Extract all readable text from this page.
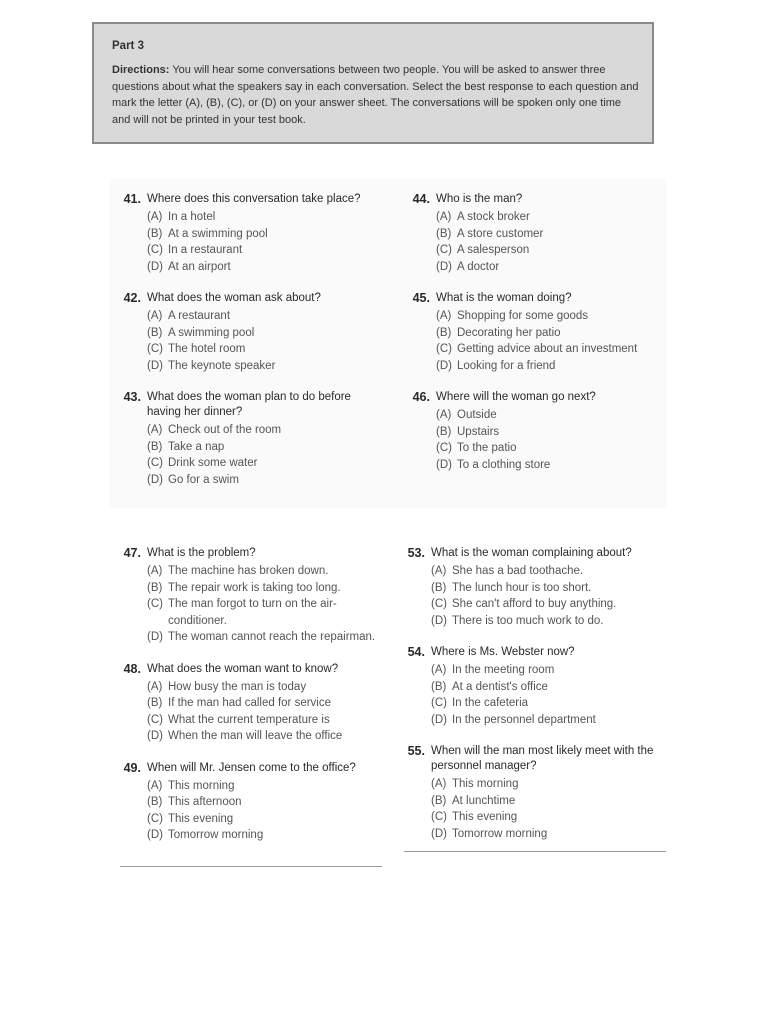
Part 3

Directions: You will hear some conversations between two people. You will be asked to answer three questions about what the speakers say in each conversation. Select the best response to each question and mark the letter (A), (B), (C), or (D) on your answer sheet. The conversations will be spoken only one time and will not be printed in your test book.

41. Where does this conversation take place?
(A) In a hotel
(B) At a swimming pool
(C) In a restaurant
(D) At an airport
42. What does the woman ask about?
(A) A restaurant
(B) A swimming pool
(C) The hotel room
(D) The keynote speaker
43. What does the woman plan to do before having her dinner?
(A) Check out of the room
(B) Take a nap
(C) Drink some water
(D) Go for a swim
44. Who is the man?
(A) A stock broker
(B) A store customer
(C) A salesperson
(D) A doctor
45. What is the woman doing?
(A) Shopping for some goods
(B) Decorating her patio
(C) Getting advice about an investment
(D) Looking for a friend
46. Where will the woman go next?
(A) Outside
(B) Upstairs
(C) To the patio
(D) To a clothing store
47. What is the problem?
(A) The machine has broken down.
(B) The repair work is taking too long.
(C) The man forgot to turn on the air-conditioner.
(D) The woman cannot reach the repairman.
48. What does the woman want to know?
(A) How busy the man is today
(B) If the man had called for service
(C) What the current temperature is
(D) When the man will leave the office
49. When will Mr. Jensen come to the office?
(A) This morning
(B) This afternoon
(C) This evening
(D) Tomorrow morning
53. What is the woman complaining about?
(A) She has a bad toothache.
(B) The lunch hour is too short.
(C) She can't afford to buy anything.
(D) There is too much work to do.
54. Where is Ms. Webster now?
(A) In the meeting room
(B) At a dentist's office
(C) In the cafeteria
(D) In the personnel department
55. When will the man most likely meet with the personnel manager?
(A) This morning
(B) At lunchtime
(C) This evening
(D) Tomorrow morning
